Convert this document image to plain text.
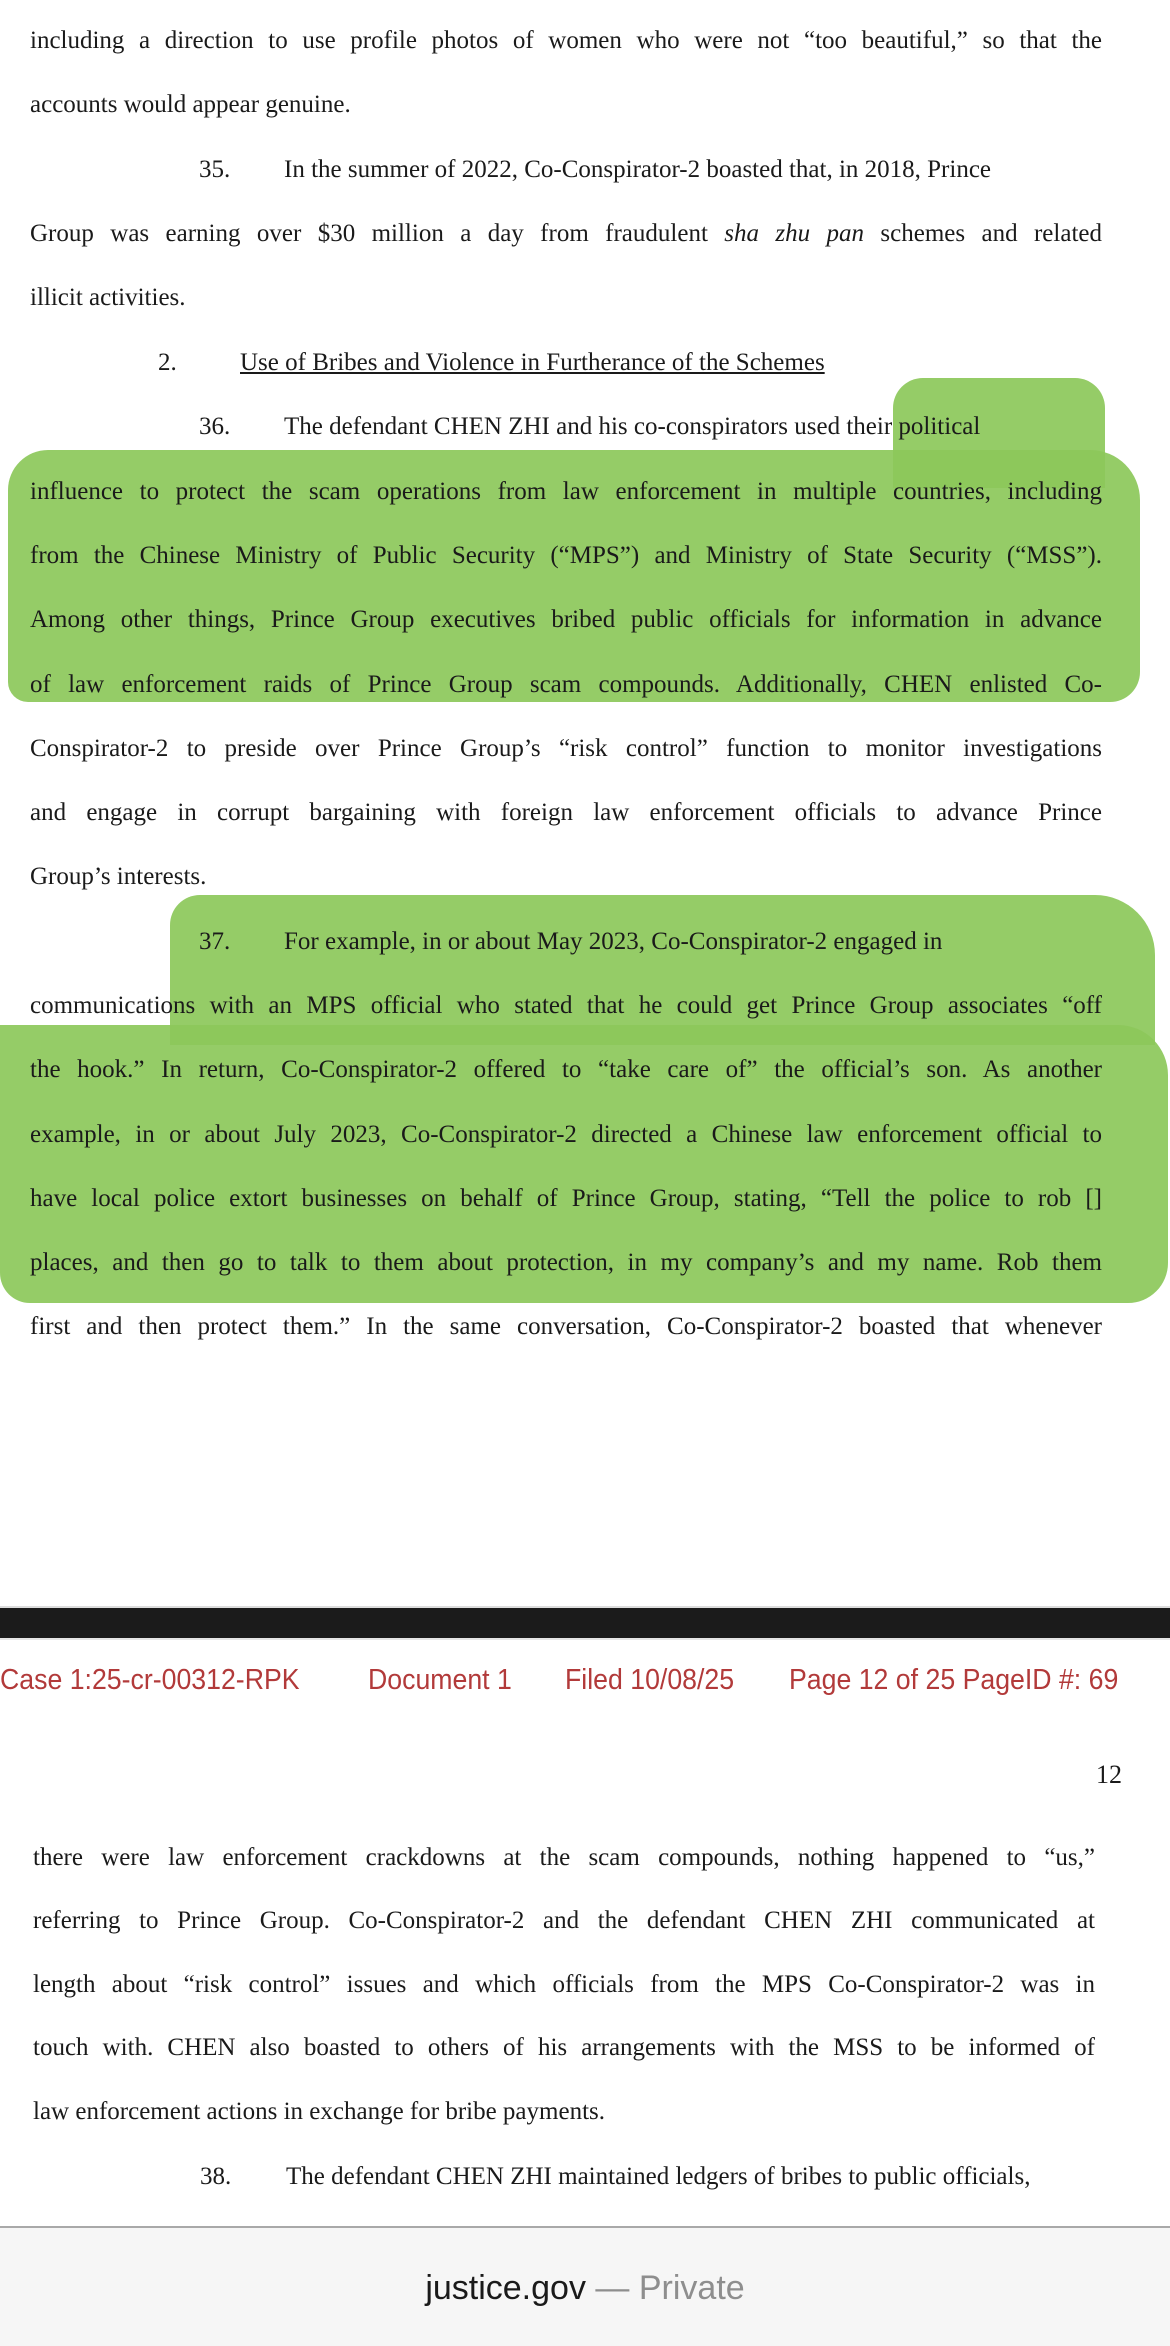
including a direction to use profile photos of women who were not “too beautiful,” so that the
accounts would appear genuine.
35. In the summer of 2022, Co-Conspirator-2 boasted that, in 2018, Prince
Group was earning over $30 million a day from fraudulent sha zhu pan schemes and related
illicit activities.
2.	Use of Bribes and Violence in Furtherance of the Schemes
36. The defendant CHEN ZHI and his co-conspirators used their political
influence to protect the scam operations from law enforcement in multiple countries, including
from the Chinese Ministry of Public Security (“MPS”) and Ministry of State Security (“MSS”).
Among other things, Prince Group executives bribed public officials for information in advance
of law enforcement raids of Prince Group scam compounds. Additionally, CHEN enlisted Co-
Conspirator-2 to preside over Prince Group’s “risk control” function to monitor investigations
and engage in corrupt bargaining with foreign law enforcement officials to advance Prince
Group’s interests.
37. For example, in or about May 2023, Co-Conspirator-2 engaged in
communications with an MPS official who stated that he could get Prince Group associates “off
the hook.” In return, Co-Conspirator-2 offered to “take care of” the official’s son. As another
example, in or about July 2023, Co-Conspirator-2 directed a Chinese law enforcement official to
have local police extort businesses on behalf of Prince Group, stating, “Tell the police to rob []
places, and then go to talk to them about protection, in my company’s and my name. Rob them
first and then protect them.” In the same conversation, Co-Conspirator-2 boasted that whenever
Case 1:25-cr-00312-RPK Document 1 Filed 10/08/25 Page 12 of 25 PageID #: 69
12
there were law enforcement crackdowns at the scam compounds, nothing happened to “us,”
referring to Prince Group. Co-Conspirator-2 and the defendant CHEN ZHI communicated at
length about “risk control” issues and which officials from the MPS Co-Conspirator-2 was in
touch with. CHEN also boasted to others of his arrangements with the MSS to be informed of
law enforcement actions in exchange for bribe payments.
38. The defendant CHEN ZHI maintained ledgers of bribes to public officials,
justice.gov — Private
